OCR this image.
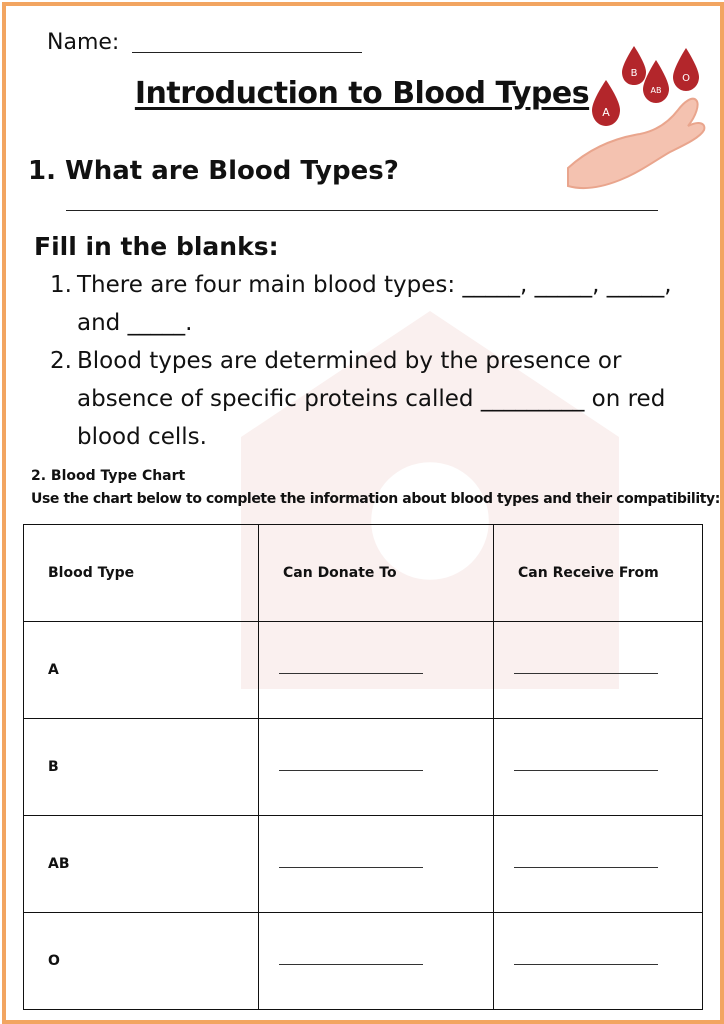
Name:
Introduction to Blood Types
A
B
AB
O
1. What are Blood Types?
Fill in the blanks:
1. There are four main blood types: _____, _____, _____, and _____.
2. Blood types are determined by the presence or absence of specific proteins called _________ on red blood cells.
2. Blood Type Chart
Use the chart below to complete the information about blood types and their compatibility:
Blood Type	Can Donate To	Can Receive From
A	

B	

AB	

O	
